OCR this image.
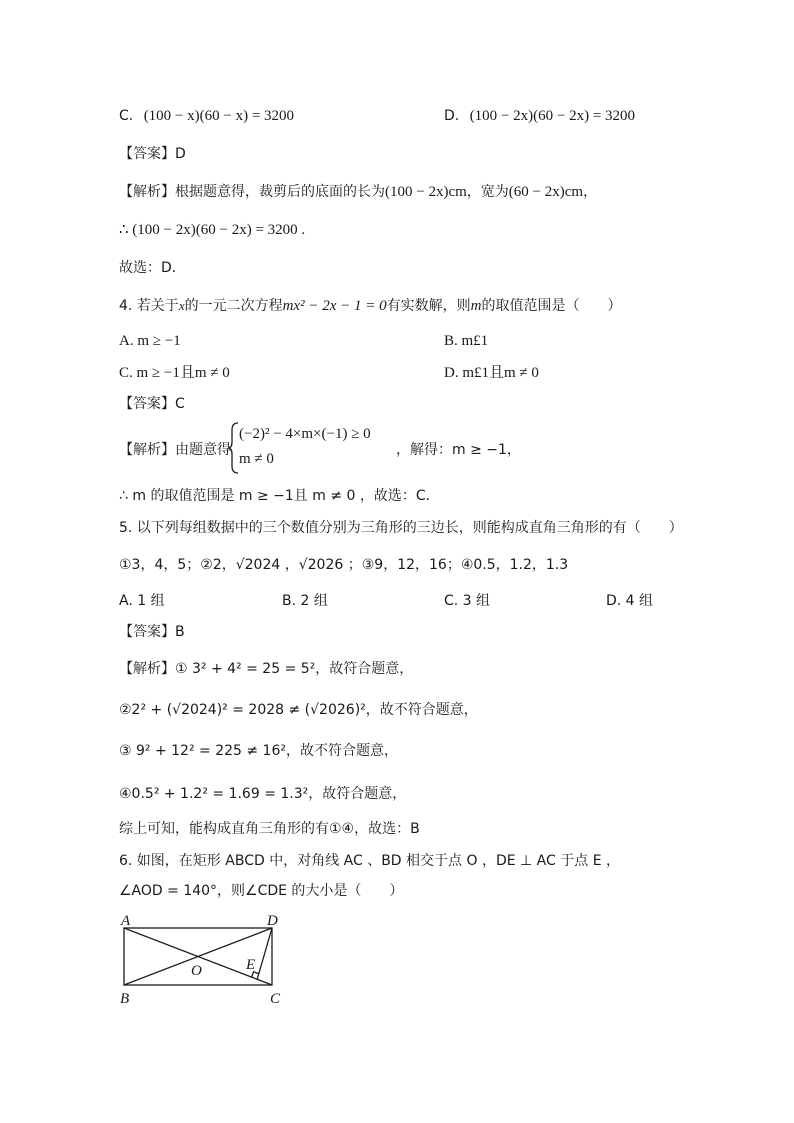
C. (100 − x)(60 − x) = 3200	D. (100 − 2x)(60 − 2x) = 3200
【答案】D
【解析】根据题意得，裁剪后的底面的长为(100 − 2x)cm，宽为(60 − 2x)cm，
∴ (100 − 2x)(60 − 2x) = 3200 .
故选：D．
4. 若关于x的一元二次方程mx² − 2x − 1 = 0有实数解，则m的取值范围是（　　）
A. m ≥ −1	B. m£1
C. m ≥ −1且m ≠ 0	D. m£1且m ≠ 0
【答案】C
【解析】由题意得
(−2)² − 4×m×(−1) ≥ 0
m ≠ 0
，解得：m ≥ −1，
∴ m 的取值范围是 m ≥ −1且 m ≠ 0 ，故选：C．
5. 以下列每组数据中的三个数值分别为三角形的三边长，则能构成直角三角形的有（　　）
①3，4，5；②2，√2024 ，√2026 ；③9，12，16；④0.5，1.2，1.3
A. 1 组	B. 2 组	C. 3 组	D. 4 组
【答案】B
【解析】① 3² + 4² = 25 = 5²，故符合题意，
②2² + (√2024)² = 2028 ≠ (√2026)²，故不符合题意，
③ 9² + 12² = 225 ≠ 16²，故不符合题意，
④0.5² + 1.2² = 1.69 = 1.3²，故符合题意，
综上可知，能构成直角三角形的有①④，故选：B
6. 如图，在矩形 ABCD 中，对角线 AC 、BD 相交于点 O ，DE ⊥ AC 于点 E ，
∠AOD = 140°，则∠CDE 的大小是（　　）
A	D
B	C
O	E
